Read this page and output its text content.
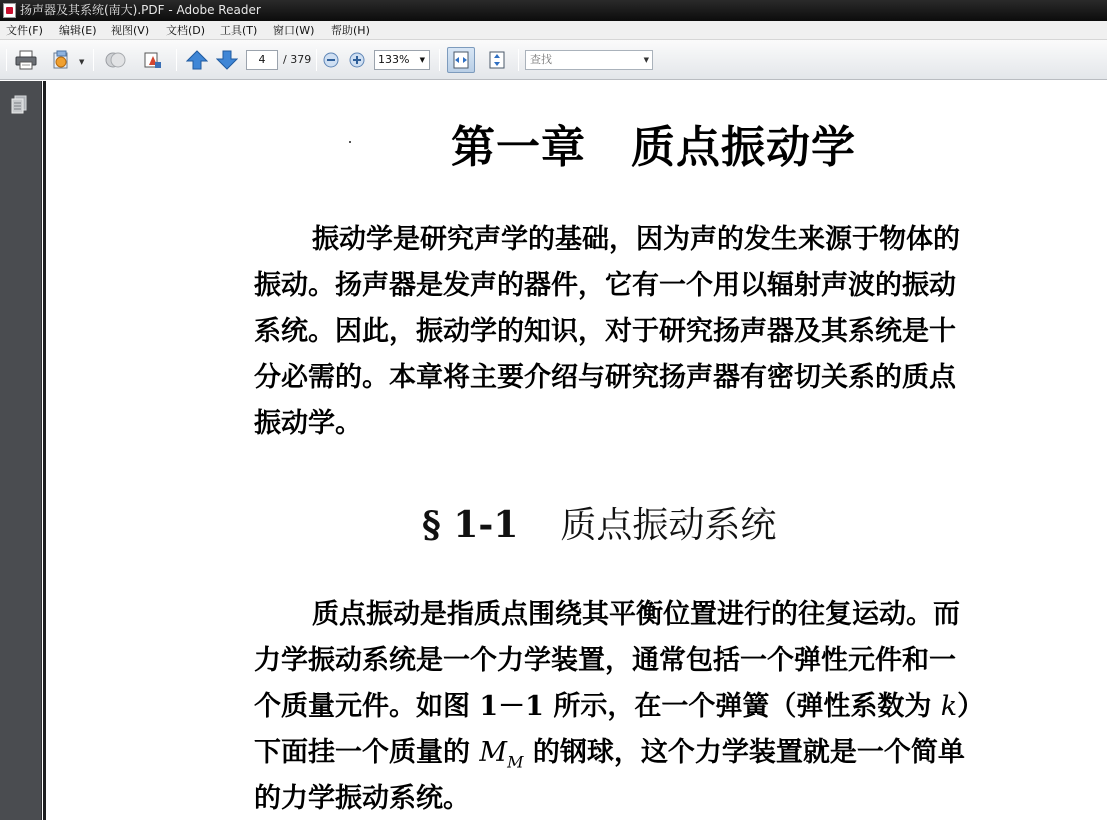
扬声器及其系统(南大).PDF - Adobe Reader
文件(F) 编辑(E) 视图(V) 文档(D) 工具(T) 窗口(W) 帮助(H)
▼	4	/ 379	133% ▼	查找	▼
第一章　质点振动学
振动学是研究声学的基础，因为声的发生来源于物体的
振动。扬声器是发声的器件，它有一个用以辐射声波的振动
系统。因此，振动学的知识，对于研究扬声器及其系统是十
分必需的。本章将主要介绍与研究扬声器有密切关系的质点
振动学。
§ 1-1 质点振动系统
质点振动是指质点围绕其平衡位置进行的往复运动。而
力学振动系统是一个力学装置，通常包括一个弹性元件和一
个质量元件。如图 1－1 所示，在一个弹簧（弹性系数为 k）
下面挂一个质量的 $M_M$ 的钢球，这个力学装置就是一个简单
的力学振动系统。
